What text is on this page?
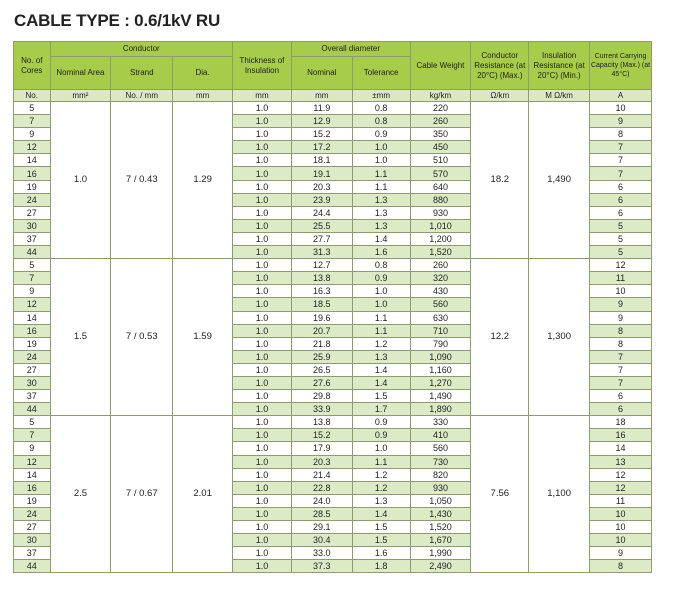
CABLE TYPE : 0.6/1kV RU
No. of Cores	Conductor			Thickness of Insulation	Overall diameter		Cable Weight	Conductor Resistance (at 20°C) (Max.)	Insulation Resistance (at 20°C) (Min.)	Current Carrying Capacity (Max.) (at 45°C)
	Nominal Area	Strand	Dia.		Nominal	Tolerance				
No.	mm²	No. / mm	mm	mm	mm	±mm	kg/km	Ω/km	M Ω/km	A
5	1.0	7 / 0.43	1.29	1.0	11.9	0.8	220	18.2	1,490	10
7				1.0	12.9	0.8	260			9
9				1.0	15.2	0.9	350			8
12				1.0	17.2	1.0	450			7
14				1.0	18.1	1.0	510			7
16				1.0	19.1	1.1	570			7
19				1.0	20.3	1.1	640			6
24				1.0	23.9	1.3	880			6
27				1.0	24.4	1.3	930			6
30				1.0	25.5	1.3	1,010			5
37				1.0	27.7	1.4	1,200			5
44				1.0	31.3	1.6	1,520			5
5	1.5	7 / 0.53	1.59	1.0	12.7	0.8	260	12.2	1,300	12
7				1.0	13.8	0.9	320			11
9				1.0	16.3	1.0	430			10
12				1.0	18.5	1.0	560			9
14				1.0	19.6	1.1	630			9
16				1.0	20.7	1.1	710			8
19				1.0	21.8	1.2	790			8
24				1.0	25.9	1.3	1,090			7
27				1.0	26.5	1.4	1,160			7
30				1.0	27.6	1.4	1,270			7
37				1.0	29.8	1.5	1,490			6
44				1.0	33.9	1.7	1,890			6
5	2.5	7 / 0.67	2.01	1.0	13.8	0.9	330	7.56	1,100	18
7				1.0	15.2	0.9	410			16
9				1.0	17.9	1.0	560			14
12				1.0	20.3	1.1	730			13
14				1.0	21.4	1.2	820			12
16				1.0	22.8	1.2	930			12
19				1.0	24.0	1.3	1,050			11
24				1.0	28.5	1.4	1,430			10
27				1.0	29.1	1.5	1,520			10
30				1.0	30.4	1.5	1,670			10
37				1.0	33.0	1.6	1,990			9
44				1.0	37.3	1.8	2,490			8
